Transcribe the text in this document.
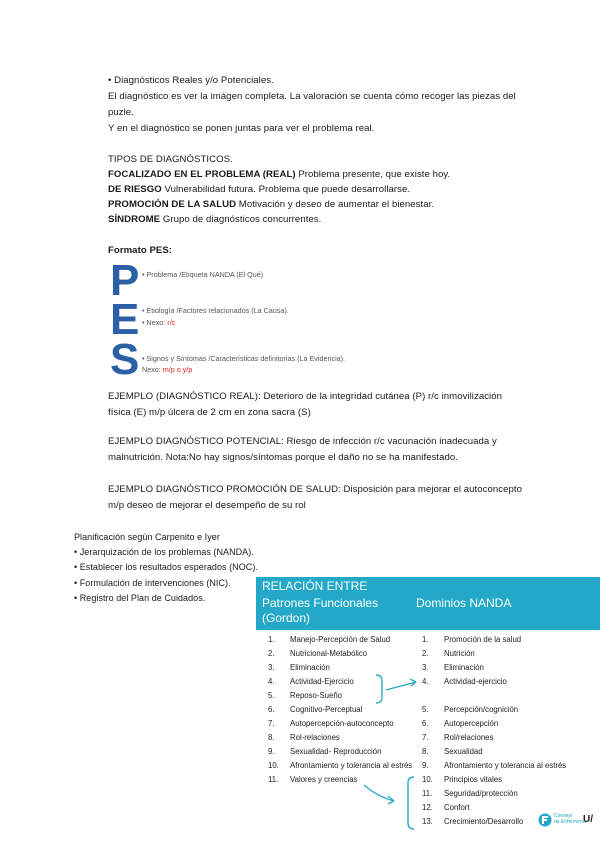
• Diagnósticos Reales y/o Potenciales.
El diagnóstico es ver la imágen completa. La valoración se cuenta cómo recoger las piezas del
puzle.
Y en el diagnóstico se ponen juntas para ver el problema real.
TIPOS DE DIAGNÓSTICOS.
FOCALIZADO EN EL PROBLEMA (REAL) Problema presente, que existe hoy.
DE RIESGO Vulnerabilidad futura. Problema que puede desarrollarse.
PROMOCIÓN DE LA SALUD Motivación y deseo de aumentar el bienestar.
SÍNDROME Grupo de diagnósticos concurrentes.
Formato PES:
P
E
S
• Problema /Etiqueta NANDA (El Qué)
• Etiología /Factores relacionados (La Causa).
• Nexo: r/c
• Signos y Síntomas /Características definitorias (La Evidencia).
Nexo: m/p o y/p
EJEMPLO (DIAGNÓSTICO REAL): Deterioro de la integridad cutánea (P) r/c inmovilización
física (E) m/p úlcera de 2 cm en zona sacra (S)
EJEMPLO DIAGNÓSTICO POTENCIAL: Riesgo de infección r/c vacunación inadecuada y
malnutrición. Nota:No hay signos/síntomas porque el daño no se ha manifestado.
EJEMPLO DIAGNÓSTICO PROMOCIÓN DE SALUD: Disposición para mejorar el autoconcepto
m/p deseo de mejorar el desempeño de su rol
Planificación según Carpenito e Iyer
• Jerarquización de los problemas (NANDA).
• Establecer los resultados esperados (NOC).
• Formulación de intervenciones (NIC).
• Registro del Plan de Cuidados.
RELACIÓN ENTRE
Patrones Funcionales
(Gordon)
Dominios NANDA
1. Manejo-Percepción de Salud
2. Nutricional-Metabólico
3. Eliminación
4. Actividad-Ejercicio
5. Reposo-Sueño
6. Cognitivo-Perceptual
7. Autopercepción-autoconcepto
8. Rol-relaciones
9. Sexualidad- Reproducción
10. Afrontamiento y tolerancia al estrés
11. Valores y creencias
1. Promoción de la salud
2. Nutrición
3. Eliminación
4. Actividad-ejercicio
5. Percepción/cognición
6. Autopercepción
7. Rol/relaciones
8. Sexualidad
9. Afrontamiento y tolerancia al estrés
10. Principios vitales
11. Seguridad/protección
12. Confort
13. Crecimiento/Desarrollo
Consejo
de Enfermería
U/
